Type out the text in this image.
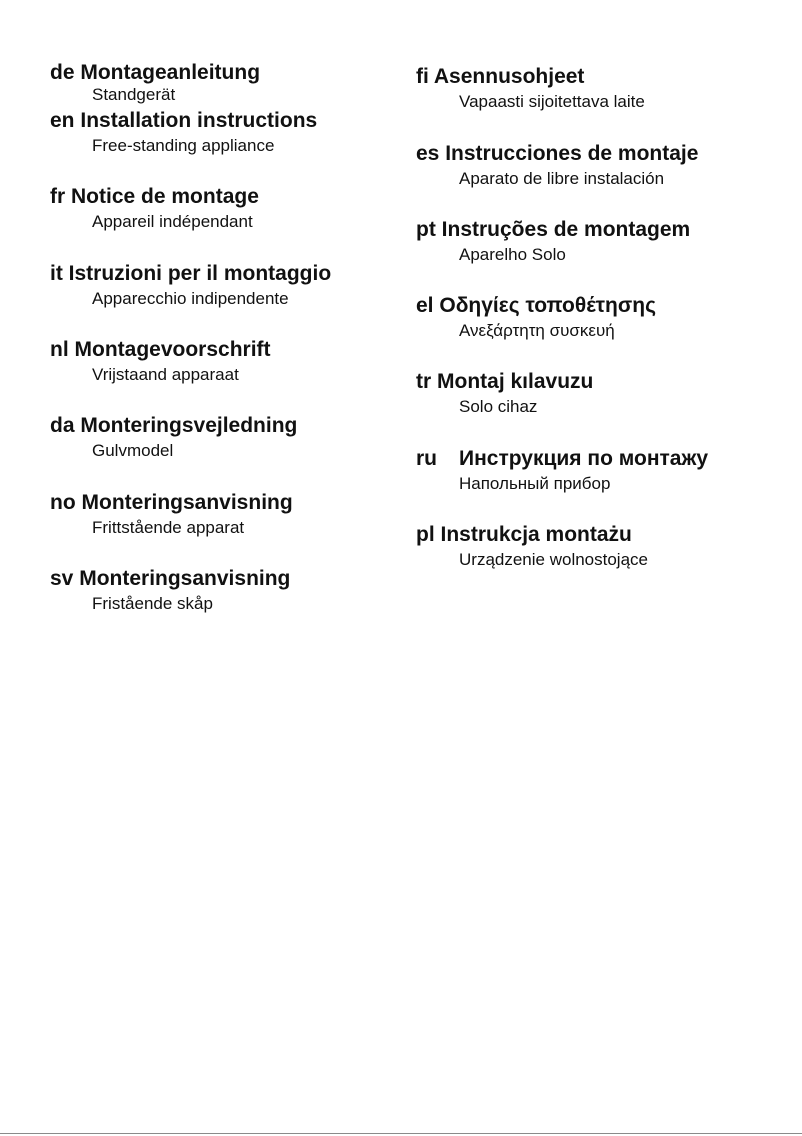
de Montageanleitung
Standgerät
en Installation instructions
Free-standing appliance
fr Notice de montage
Appareil indépendant
it Istruzioni per il montaggio
Apparecchio indipendente
nl Montagevoorschrift
Vrijstaand apparaat
da Monteringsvejledning
Gulvmodel
no Monteringsanvisning
Frittstående apparat
sv Monteringsanvisning
Fristående skåp
fi Asennusohjeet
Vapaasti sijoitettava laite
es Instrucciones de montaje
Aparato de libre instalación
pt Instruções de montagem
Aparelho Solo
el Οδηγίες τοποθέτησης
Ανεξάρτητη συσκευή
tr Montaj kılavuzu
Solo cihaz
ru Инструкция по монтажу
Напольный прибор
pl Instrukcja montażu
Urządzenie wolnostojące
